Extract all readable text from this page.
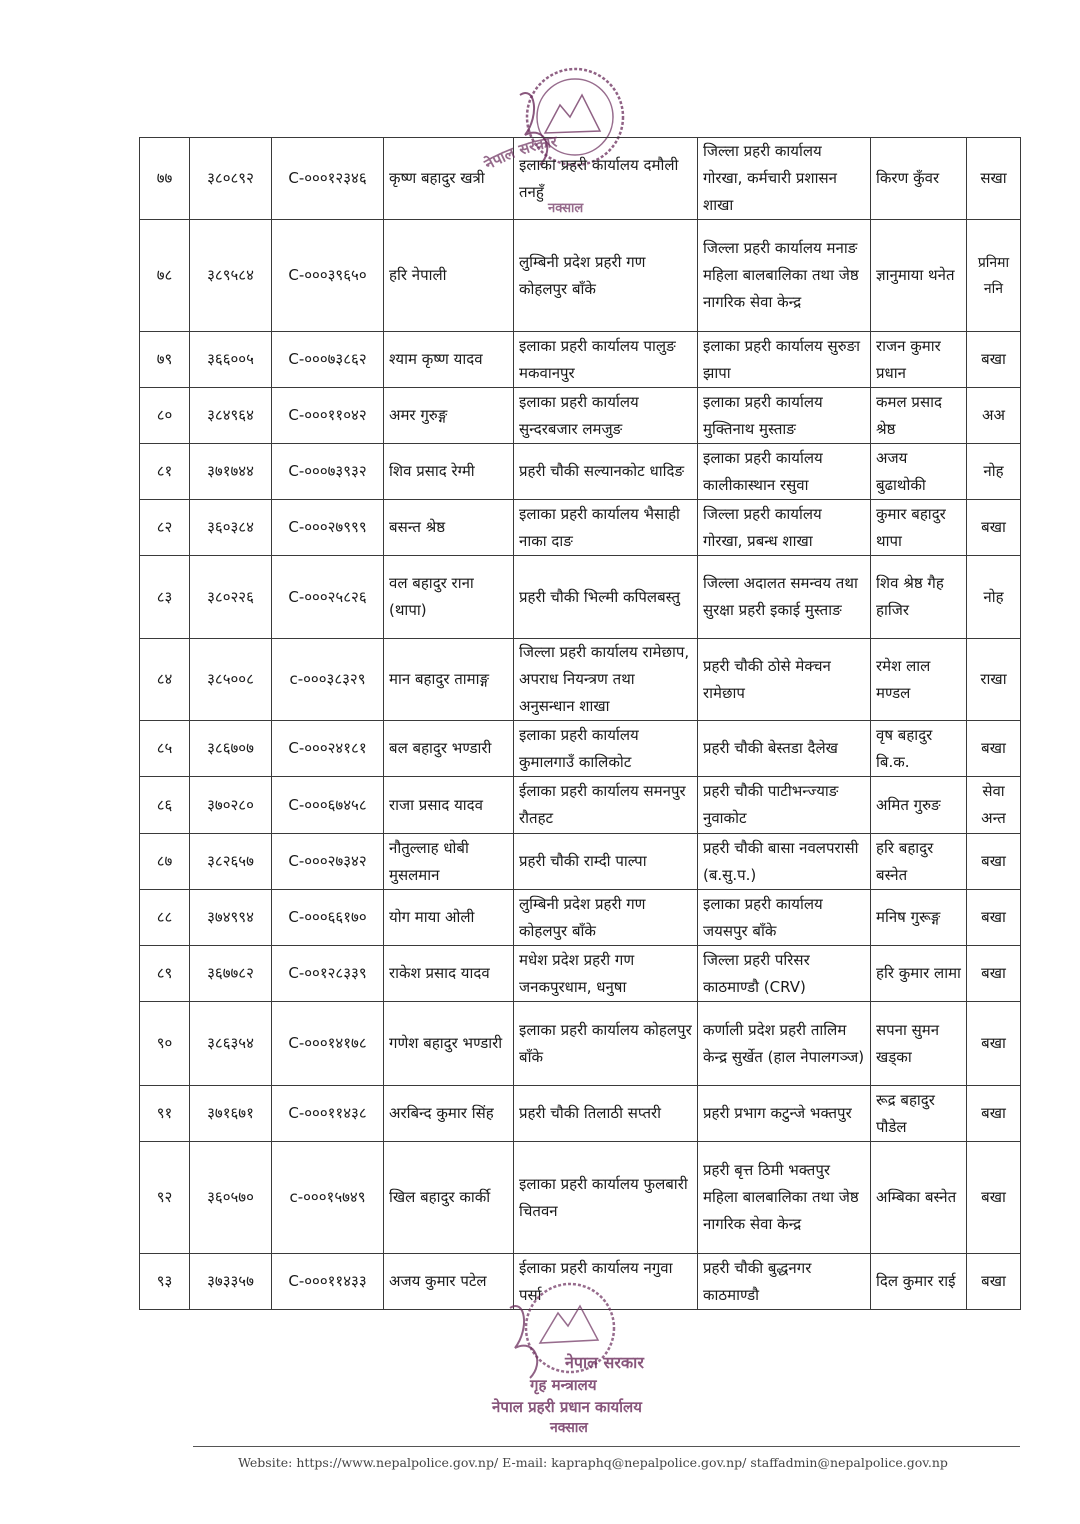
७७	३८०८९२	C-०००१२३४६	कृष्ण बहादुर खत्री	इलाका प्रहरी कार्यालय दमौली तनहुँ	जिल्ला प्रहरी कार्यालय गोरखा, कर्मचारी प्रशासन शाखा	किरण कुँवर	सखा
७८	३८९५८४	C-०००३९६५०	हरि नेपाली	लुम्बिनी प्रदेश प्रहरी गण कोहलपुर बाँके	जिल्ला प्रहरी कार्यालय मनाङ महिला बालबालिका तथा जेष्ठ नागरिक सेवा केन्द्र	ज्ञानुमाया थनेत	प्रनिमा ननि
७९	३६६००५	C-०००७३८६२	श्याम कृष्ण यादव	इलाका प्रहरी कार्यालय पालुङ मकवानपुर	इलाका प्रहरी कार्यालय सुरुङा झापा	राजन कुमार प्रधान	बखा
८०	३८४९६४	C-०००११०४२	अमर गुरुङ्ग	इलाका प्रहरी कार्यालय सुन्दरबजार लमजुङ	इलाका प्रहरी कार्यालय मुक्तिनाथ मुस्ताङ	कमल प्रसाद श्रेष्ठ	अअ
८१	३७१७४४	C-०००७३९३२	शिव प्रसाद रेग्मी	प्रहरी चौकी सल्यानकोट धादिङ	इलाका प्रहरी कार्यालय कालीकास्थान रसुवा	अजय बुढाथोकी	नोह
८२	३६०३८४	C-०००२७९९९	बसन्त श्रेष्ठ	इलाका प्रहरी कार्यालय भैसाही नाका दाङ	जिल्ला प्रहरी कार्यालय गोरखा, प्रबन्ध शाखा	कुमार बहादुर थापा	बखा
८३	३८०२२६	C-०००२५८२६	वल बहादुर राना (थापा)	प्रहरी चौकी भिल्मी कपिलबस्तु	जिल्ला अदालत समन्वय तथा सुरक्षा प्रहरी इकाई मुस्ताङ	शिव श्रेष्ठ गैह हाजिर	नोह
८४	३८५००८	c-०००३८३२९	मान बहादुर तामाङ्ग	जिल्ला प्रहरी कार्यालय रामेछाप, अपराध नियन्त्रण तथा अनुसन्धान शाखा	प्रहरी चौकी ठोसे मेक्चन रामेछाप	रमेश लाल मण्डल	राखा
८५	३८६७०७	C-०००२४१८१	बल बहादुर भण्डारी	इलाका प्रहरी कार्यालय कुमालगाउँ कालिकोट	प्रहरी चौकी बेस्तडा दैलेख	वृष बहादुर बि.क.	बखा
८६	३७०२८०	C-०००६७४५८	राजा प्रसाद यादव	ईलाका प्रहरी कार्यालय समनपुर रौतहट	प्रहरी चौकी पाटीभन्ज्याङ नुवाकोट	अमित गुरुङ	सेवा अन्त
८७	३८२६५७	C-०००२७३४२	नौतुल्लाह धोबी मुसलमान	प्रहरी चौकी राम्दी पाल्पा	प्रहरी चौकी बासा नवलपरासी (ब.सु.प.)	हरि बहादुर बस्नेत	बखा
८८	३७४९९४	C-०००६६१७०	योग माया ओली	लुम्बिनी प्रदेश प्रहरी गण कोहलपुर बाँके	इलाका प्रहरी कार्यालय जयसपुर बाँके	मनिष गुरूङ्ग	बखा
८९	३६७७८२	C-००१२८३३९	राकेश प्रसाद यादव	मधेश प्रदेश प्रहरी गण जनकपुरधाम, धनुषा	जिल्ला प्रहरी परिसर काठमाण्डौ (CRV)	हरि कुमार लामा	बखा
९०	३८६३५४	C-०००१४१७८	गणेश बहादुर भण्डारी	इलाका प्रहरी कार्यालय कोहलपुर बाँके	कर्णाली प्रदेश प्रहरी तालिम केन्द्र सुर्खेत (हाल नेपालगञ्ज)	सपना सुमन खड्का	बखा
९१	३७१६७१	C-०००११४३८	अरबिन्द कुमार सिंह	प्रहरी चौकी तिलाठी सप्तरी	प्रहरी प्रभाग कटुन्जे भक्तपुर	रूद्र बहादुर पौडेल	बखा
९२	३६०५७०	c-०००१५७४९	खिल बहादुर कार्की	इलाका प्रहरी कार्यालय फुलबारी चितवन	प्रहरी बृत्त ठिमी भक्तपुर महिला बालबालिका तथा जेष्ठ नागरिक सेवा केन्द्र	अम्बिका बस्नेत	बखा
९३	३७३३५७	C-०००११४३३	अजय कुमार पटेल	ईलाका प्रहरी कार्यालय नगुवा पर्सा	प्रहरी चौकी बुद्धनगर काठमाण्डौ	दिल कुमार राई	बखा
नेपाल सरकार
नक्साल
नेपाल सरकार
गृह मन्त्रालय
नेपाल प्रहरी प्रधान कार्यालय
नक्साल
Website: https://www.nepalpolice.gov.np/ E-mail: kapraphq@nepalpolice.gov.np/ staffadmin@nepalpolice.gov.np
